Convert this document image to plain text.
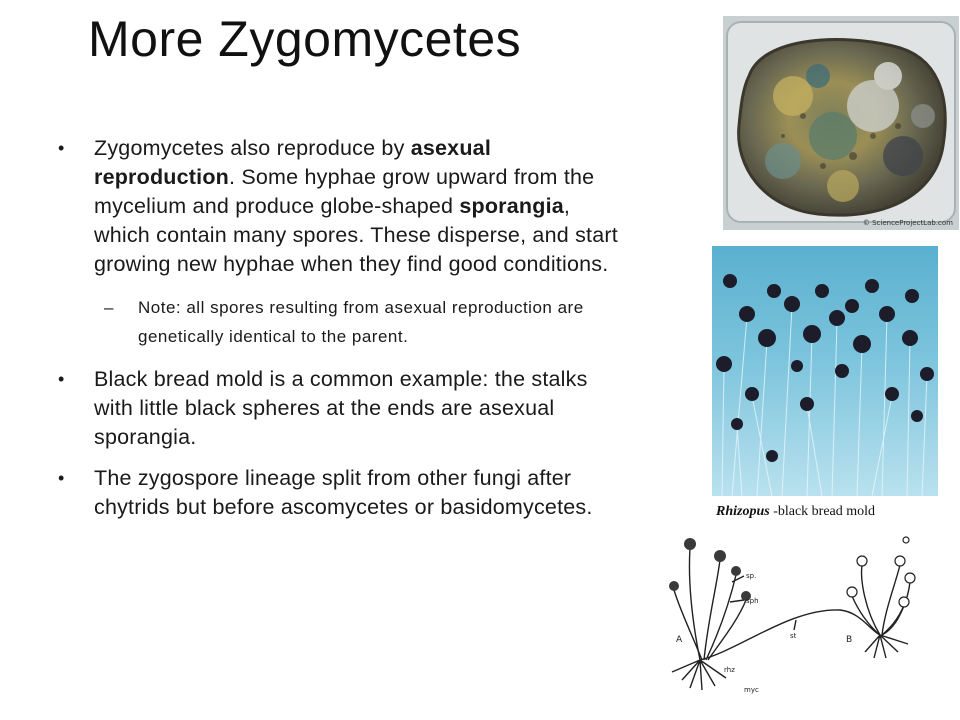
More Zygomycetes
• Zygomycetes also reproduce by asexual reproduction. Some hyphae grow upward from the mycelium and produce globe-shaped sporangia, which contain many spores. These disperse, and start growing new hyphae when they find good conditions.
– Note: all spores resulting from asexual reproduction are genetically identical to the parent.
• Black bread mold is a common example: the stalks with little black spheres at the ends are asexual sporangia.
• The zygospore lineage split from other fungi after chytrids but before ascomycetes or basidomycetes.
© ScienceProjectLab.com
Rhizopus -black bread mold
A	B
sp.
sph
st
rhz
myc
